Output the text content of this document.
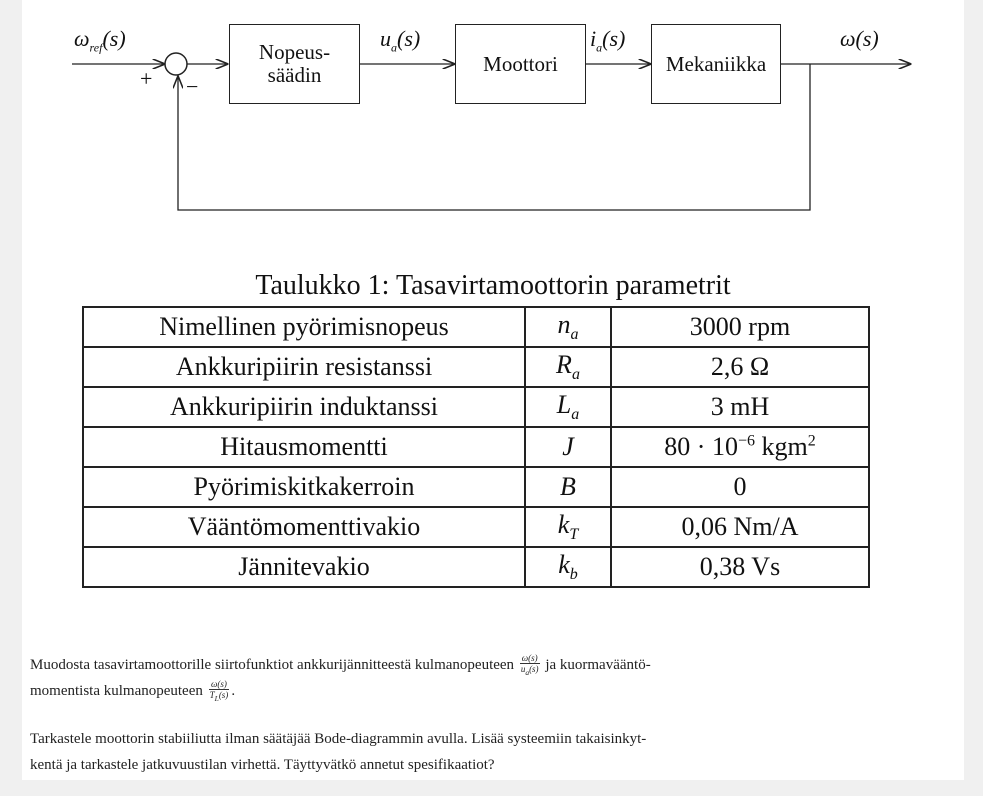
$\omega_{ref}(s)$
+ −
Nopeus-
säädin
$u_a(s)$
Moottori
$i_a(s)$
Mekaniikka
ω(s)
Taulukko 1: Tasavirtamoottorin parametrit
Nimellinen pyörimisnopeus	$n_a$	3000 rpm
Ankkuripiirin resistanssi	$R_a$	2,6 Ω
Ankkuripiirin induktanssi	$L_a$	3 mH
Hitausmomentti	J	$80 \cdot 10^{-6}$ kgm$^2$
Pyörimiskitkakerroin	B	0
Vääntömomenttivakio	$k_T$	0,06 Nm/A
Jännitevakio	$k_b$	0,38 Vs
Muodosta tasavirtamoottorille siirtofunktiot ankkurijännitteestä kulmanopeuteen $\frac{\omega(s)}{u_a(s)}$ ja kuormavääntö-
momentista kulmanopeuteen $\frac{\omega(s)}{T_L(s)}$ .
Tarkastele moottorin stabiiliutta ilman säätäjää Bode-diagrammin avulla. Lisää systeemiin takaisinkyt-
kentä ja tarkastele jatkuvuustilan virhettä. Täyttyvätkö annetut spesifikaatiot?
